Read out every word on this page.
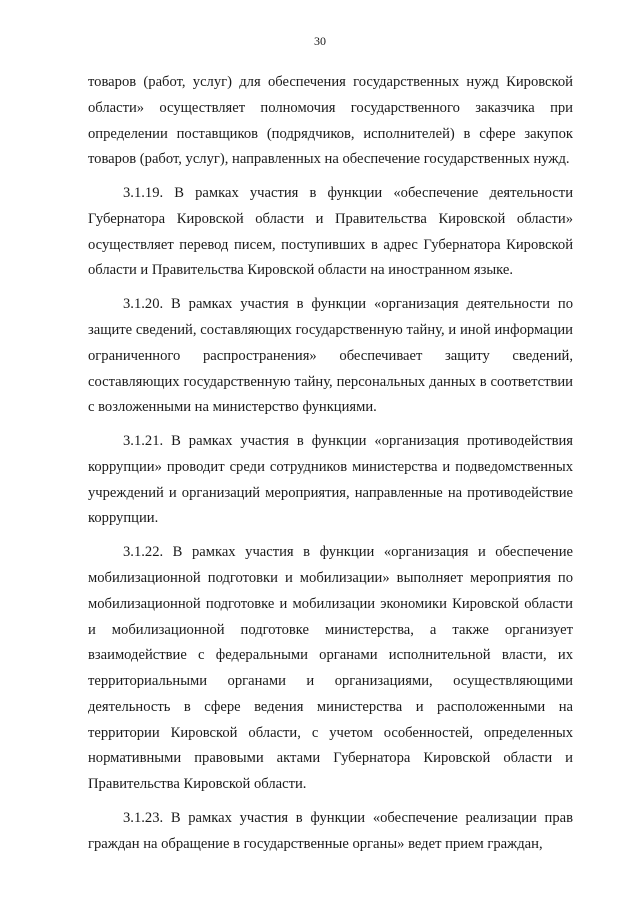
30

товаров (работ, услуг) для обеспечения государственных нужд Кировской области» осуществляет полномочия государственного заказчика при определении поставщиков (подрядчиков, исполнителей) в сфере закупок товаров (работ, услуг), направленных на обеспечение государственных нужд.

3.1.19. В рамках участия в функции «обеспечение деятельности Губернатора Кировской области и Правительства Кировской области» осуществляет перевод писем, поступивших в адрес Губернатора Кировской области и Правительства Кировской области на иностранном языке.

3.1.20. В рамках участия в функции «организация деятельности по защите сведений, составляющих государственную тайну, и иной информации ограниченного распространения» обеспечивает защиту сведений, составляющих государственную тайну, персональных данных в соответствии с возложенными на министерство функциями.

3.1.21. В рамках участия в функции «организация противодействия коррупции» проводит среди сотрудников министерства и подведомственных учреждений и организаций мероприятия, направленные на противодействие коррупции.

3.1.22. В рамках участия в функции «организация и обеспечение мобилизационной подготовки и мобилизации» выполняет мероприятия по мобилизационной подготовке и мобилизации экономики Кировской области и мобилизационной подготовке министерства, а также организует взаимодействие с федеральными органами исполнительной власти, их территориальными органами и организациями, осуществляющими деятельность в сфере ведения министерства и расположенными на территории Кировской области, с учетом особенностей, определенных нормативными правовыми актами Губернатора Кировской области и Правительства Кировской области.

3.1.23. В рамках участия в функции «обеспечение реализации прав граждан на обращение в государственные органы» ведет прием граждан,
